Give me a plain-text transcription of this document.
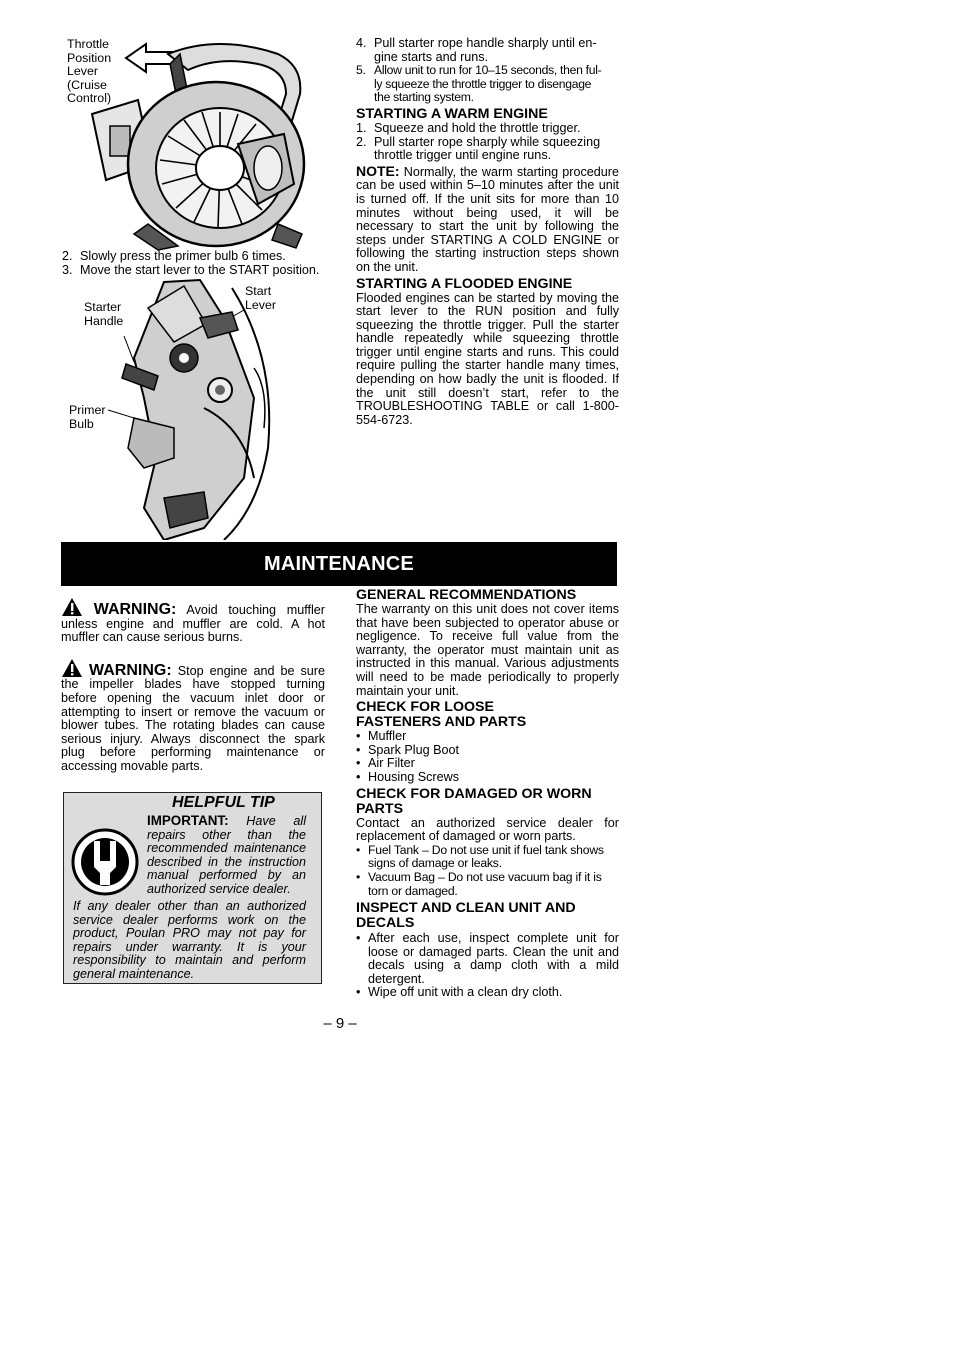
Throttle
Position
Lever
(Cruise
Control)
2. Slowly press the primer bulb 6 times.
3. Move the start lever to the START position.
Starter
Handle
Start
Lever
Primer
Bulb
4. Pull starter rope handle sharply until en-
gine starts and runs.
5. Allow unit to run for 10–15 seconds, then ful-
ly squeeze the throttle trigger to disengage
the starting system.
STARTING A WARM ENGINE
1. Squeeze and hold the throttle trigger.
2. Pull starter rope sharply while squeezing
throttle trigger until engine runs.

NOTE: Normally, the warm starting procedure can be used within 5–10 minutes after the unit is turned off. If the unit sits for more than 10 minutes without being used, it will be necessary to start the unit by following the steps under STARTING A COLD ENGINE or following the starting instruction steps shown on the unit.

STARTING A FLOODED ENGINE

Flooded engines can be started by moving the start lever to the RUN position and fully squeezing the throttle trigger. Pull the starter handle repeatedly while squeezing throttle trigger until engine starts and runs. This could require pulling the starter handle many times, depending on how badly the unit is flooded. If the unit still doesn’t start, refer to the TROUBLESHOOTING TABLE or call 1-800-554-6723.

MAINTENANCE

WARNING: Avoid touching muffler unless engine and muffler are cold. A hot muffler can cause serious burns.

WARNING: Stop engine and be sure the impeller blades have stopped turning before opening the vacuum inlet door or attempting to insert or remove the vacuum or blower tubes. The rotating blades can cause serious injury. Always disconnect the spark plug before performing maintenance or accessing movable parts.

HELPFUL TIP
IMPORTANT: Have all repairs other than the recommended maintenance described in the instruction manual performed by an authorized service dealer.
If any dealer other than an authorized service dealer performs work on the product, Poulan PRO may not pay for repairs under warranty. It is your responsibility to maintain and perform general maintenance.
GENERAL RECOMMENDATIONS

The warranty on this unit does not cover items that have been subjected to operator abuse or negligence. To receive full value from the warranty, the operator must maintain unit as instructed in this manual. Various adjustments will need to be made periodically to properly maintain your unit.

CHECK FOR LOOSE
FASTENERS AND PARTS
• Muffler
• Spark Plug Boot
• Air Filter
• Housing Screws
CHECK FOR DAMAGED OR WORN
PARTS

Contact an authorized service dealer for replacement of damaged or worn parts.

• Fuel Tank – Do not use unit if fuel tank shows signs of damage or leaks.
• Vacuum Bag – Do not use vacuum bag if it is torn or damaged.
INSPECT AND CLEAN UNIT AND
DECALS
• After each use, inspect complete unit for loose or damaged parts. Clean the unit and decals using a damp cloth with a mild detergent.
• Wipe off unit with a clean dry cloth.
– 9 –
